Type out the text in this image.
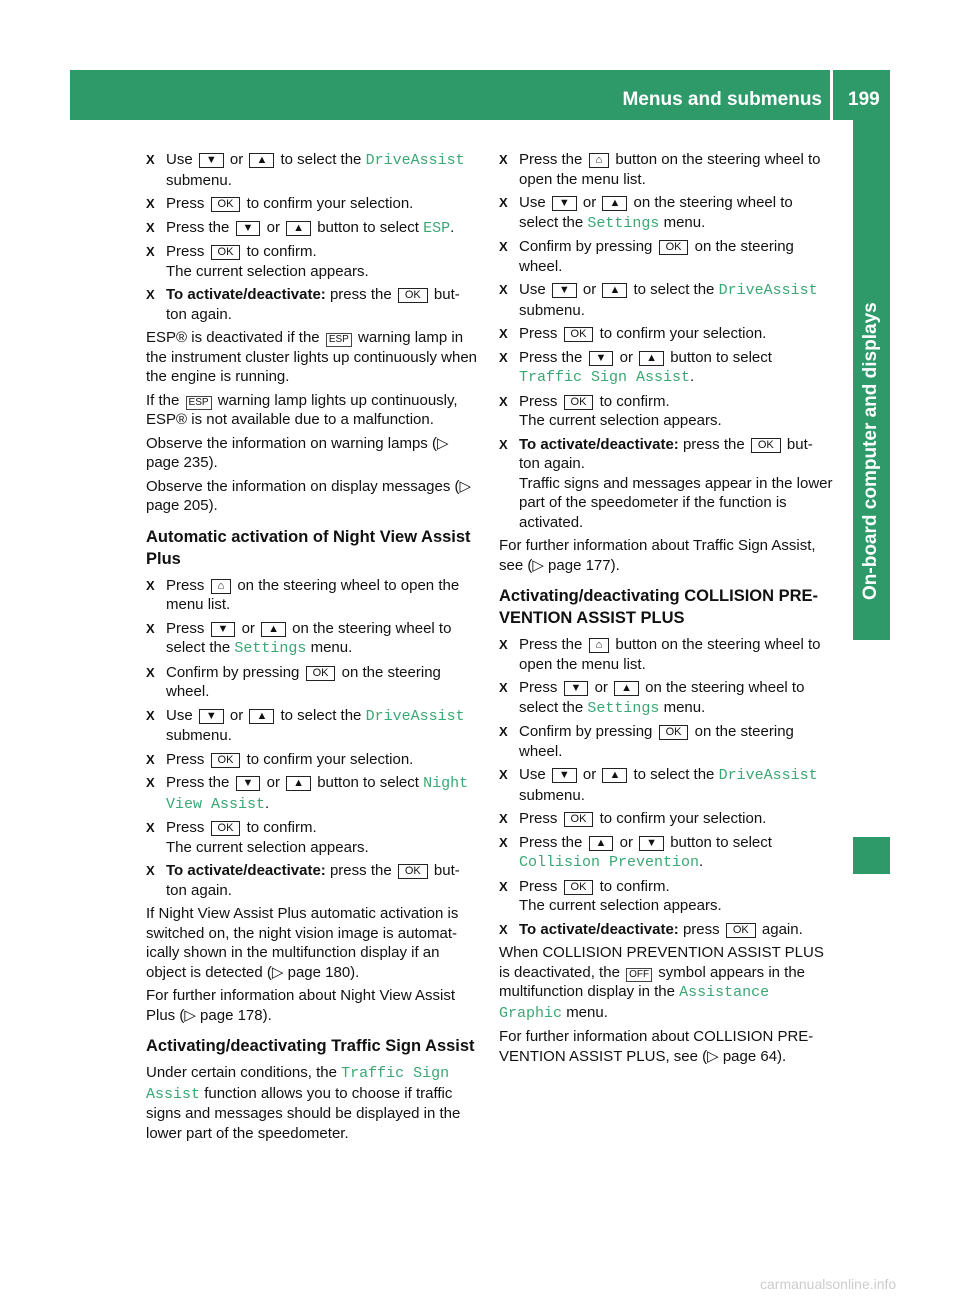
Menus and submenus 199
On-board computer and displays
X Use ▼ or ▲ to select the DriveAssist submenu.
X Press OK to confirm your selection.
X Press the ▼ or ▲ button to select ESP.
X Press OK to confirm.
The current selection appears.
X To activate/deactivate: press the OK but-ton again.

ESP® is deactivated if the ESP warning lamp in the instrument cluster lights up continuously when the engine is running.

If the ESP warning lamp lights up continuously, ESP® is not available due to a malfunction.

Observe the information on warning lamps (▷ page 235).

Observe the information on display messages (▷ page 205).

Automatic activation of Night View Assist Plus
X Press ⌂ on the steering wheel to open the menu list.
X Press ▼ or ▲ on the steering wheel to select the Settings menu.
X Confirm by pressing OK on the steering wheel.
X Use ▼ or ▲ to select the DriveAssist submenu.
X Press OK to confirm your selection.
X Press the ▼ or ▲ button to select Night View Assist.
X Press OK to confirm.
The current selection appears.
X To activate/deactivate: press the OK but-ton again.

If Night View Assist Plus automatic activation is switched on, the night vision image is automat-ically shown in the multifunction display if an object is detected (▷ page 180).

For further information about Night View Assist Plus (▷ page 178).

Activating/deactivating Traffic Sign Assist

Under certain conditions, the Traffic Sign Assist function allows you to choose if traffic signs and messages should be displayed in the lower part of the speedometer.

X Press the ⌂ button on the steering wheel to open the menu list.
X Use ▼ or ▲ on the steering wheel to select the Settings menu.
X Confirm by pressing OK on the steering wheel.
X Use ▼ or ▲ to select the DriveAssist submenu.
X Press OK to confirm your selection.
X Press the ▼ or ▲ button to select Traffic Sign Assist.
X Press OK to confirm.
The current selection appears.
X To activate/deactivate: press the OK but-ton again.
Traffic signs and messages appear in the lower part of the speedometer if the function is activated.

For further information about Traffic Sign Assist, see (▷ page 177).

Activating/deactivating COLLISION PRE-VENTION ASSIST PLUS
X Press the ⌂ button on the steering wheel to open the menu list.
X Press ▼ or ▲ on the steering wheel to select the Settings menu.
X Confirm by pressing OK on the steering wheel.
X Use ▼ or ▲ to select the DriveAssist submenu.
X Press OK to confirm your selection.
X Press the ▲ or ▼ button to select Collision Prevention.
X Press OK to confirm.
The current selection appears.
X To activate/deactivate: press OK again.

When COLLISION PREVENTION ASSIST PLUS is deactivated, the OFF symbol appears in the multifunction display in the Assistance Graphic menu.

For further information about COLLISION PRE-VENTION ASSIST PLUS, see (▷ page 64).

carmanualsonline.info
